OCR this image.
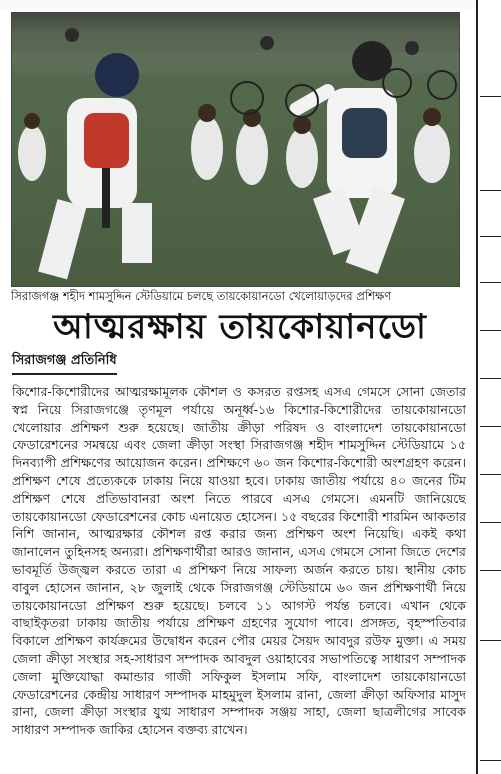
সিরাজগঞ্জ শহীদ শামসুদ্দিন স্টেডিয়ামে চলছে তায়কোয়ানডো খেলোয়াড়দের প্রশিক্ষণ
আত্মরক্ষায় তায়কোয়ানডো
সিরাজগঞ্জ প্রতিনিধি
কিশোর-কিশোরীদের আত্মরক্ষামূলক কৌশল ও কসরত রপ্তসহ এসএ গেমসে সোনা জেতার স্বপ্ন নিয়ে সিরাজগঞ্জে তৃণমূল পর্যায়ে অনূর্ধ্ব-১৬ কিশোর-কিশোরীদের তায়কোয়ানডো খেলোয়ার প্রশিক্ষণ শুরু হয়েছে। জাতীয় ক্রীড়া পরিষদ ও বাংলাদেশ তায়কোয়ানডো ফেডারেশনের সমন্বয়ে এবং জেলা ক্রীড়া সংস্থা সিরাজগঞ্জ শহীদ শামসুদ্দিন স্টেডিয়ামে ১৫ দিনব্যাপী প্রশিক্ষণের আয়োজন করেন। প্রশিক্ষণে ৬০ জন কিশোর-কিশোরী অংশগ্রহণ করেন। প্রশিক্ষণ শেষে প্রত্যেককে ঢাকায় নিয়ে যাওয়া হবে। ঢাকায় জাতীয় পর্যায়ে ৪০ জনের টিম প্রশিক্ষণ শেষে প্রতিভাবানরা অংশ নিতে পারবে এসএ গেমসে। এমনটি জানিয়েছে তায়কোয়ানডো ফেডারেশনের কোচ এনায়েত হোসেন। ১৫ বছরের কিশোরী শারমিন আকতার নিশি জানান, আত্মরক্ষার কৌশল রপ্ত করার জন্য প্রশিক্ষণ অংশ নিয়েছি। একই কথা জানালেন তুহিনসহ অন্যরা। প্রশিক্ষণার্থীরা আরও জানান, এসএ গেমসে সোনা জিতে দেশের ভাবমূর্তি উজ্জ্বল করতে তারা এ প্রশিক্ষণ নিয়ে সাফল্য অর্জন করতে চায়। স্থানীয় কোচ বাবুল হোসেন জানান, ২৮ জুলাই থেকে সিরাজগঞ্জ স্টেডিয়ামে ৬০ জন প্রশিক্ষণার্থী নিয়ে তায়কোয়ানডো প্রশিক্ষণ শুরু হয়েছে। চলবে ১১ আগস্ট পর্যন্ত চলবে। এখান থেকে বাছাইকৃতরা ঢাকায় জাতীয় পর্যায়ে প্রশিক্ষণ গ্রহণের সুযোগ পাবে। প্রসঙ্গত, বৃহস্পতিবার বিকালে প্রশিক্ষণ কার্যক্রমের উদ্বোধন করেন পৌর মেয়র সৈয়দ আবদুর রউফ মুক্তা। এ সময় জেলা ক্রীড়া সংস্থার সহ-সাধারণ সম্পাদক আবদুল ওয়াহাবের সভাপতিত্বে সাধারণ সম্পাদক জেলা মুক্তিযোদ্ধা কমান্ডার গাজী সফিকুল ইসলাম সফি, বাংলাদেশ তায়কোয়ানডো ফেডারেশনের কেন্দ্রীয় সাধারণ সম্পাদক মাহমুদুল ইসলাম রানা, জেলা ক্রীড়া অফিসার মাসুদ রানা, জেলা ক্রীড়া সংস্থার যুগ্ম সাধারণ সম্পাদক সঞ্জয় সাহা, জেলা ছাত্রলীগের সাবেক সাধারণ সম্পাদক জাকির হোসেন বক্তব্য রাখেন।
